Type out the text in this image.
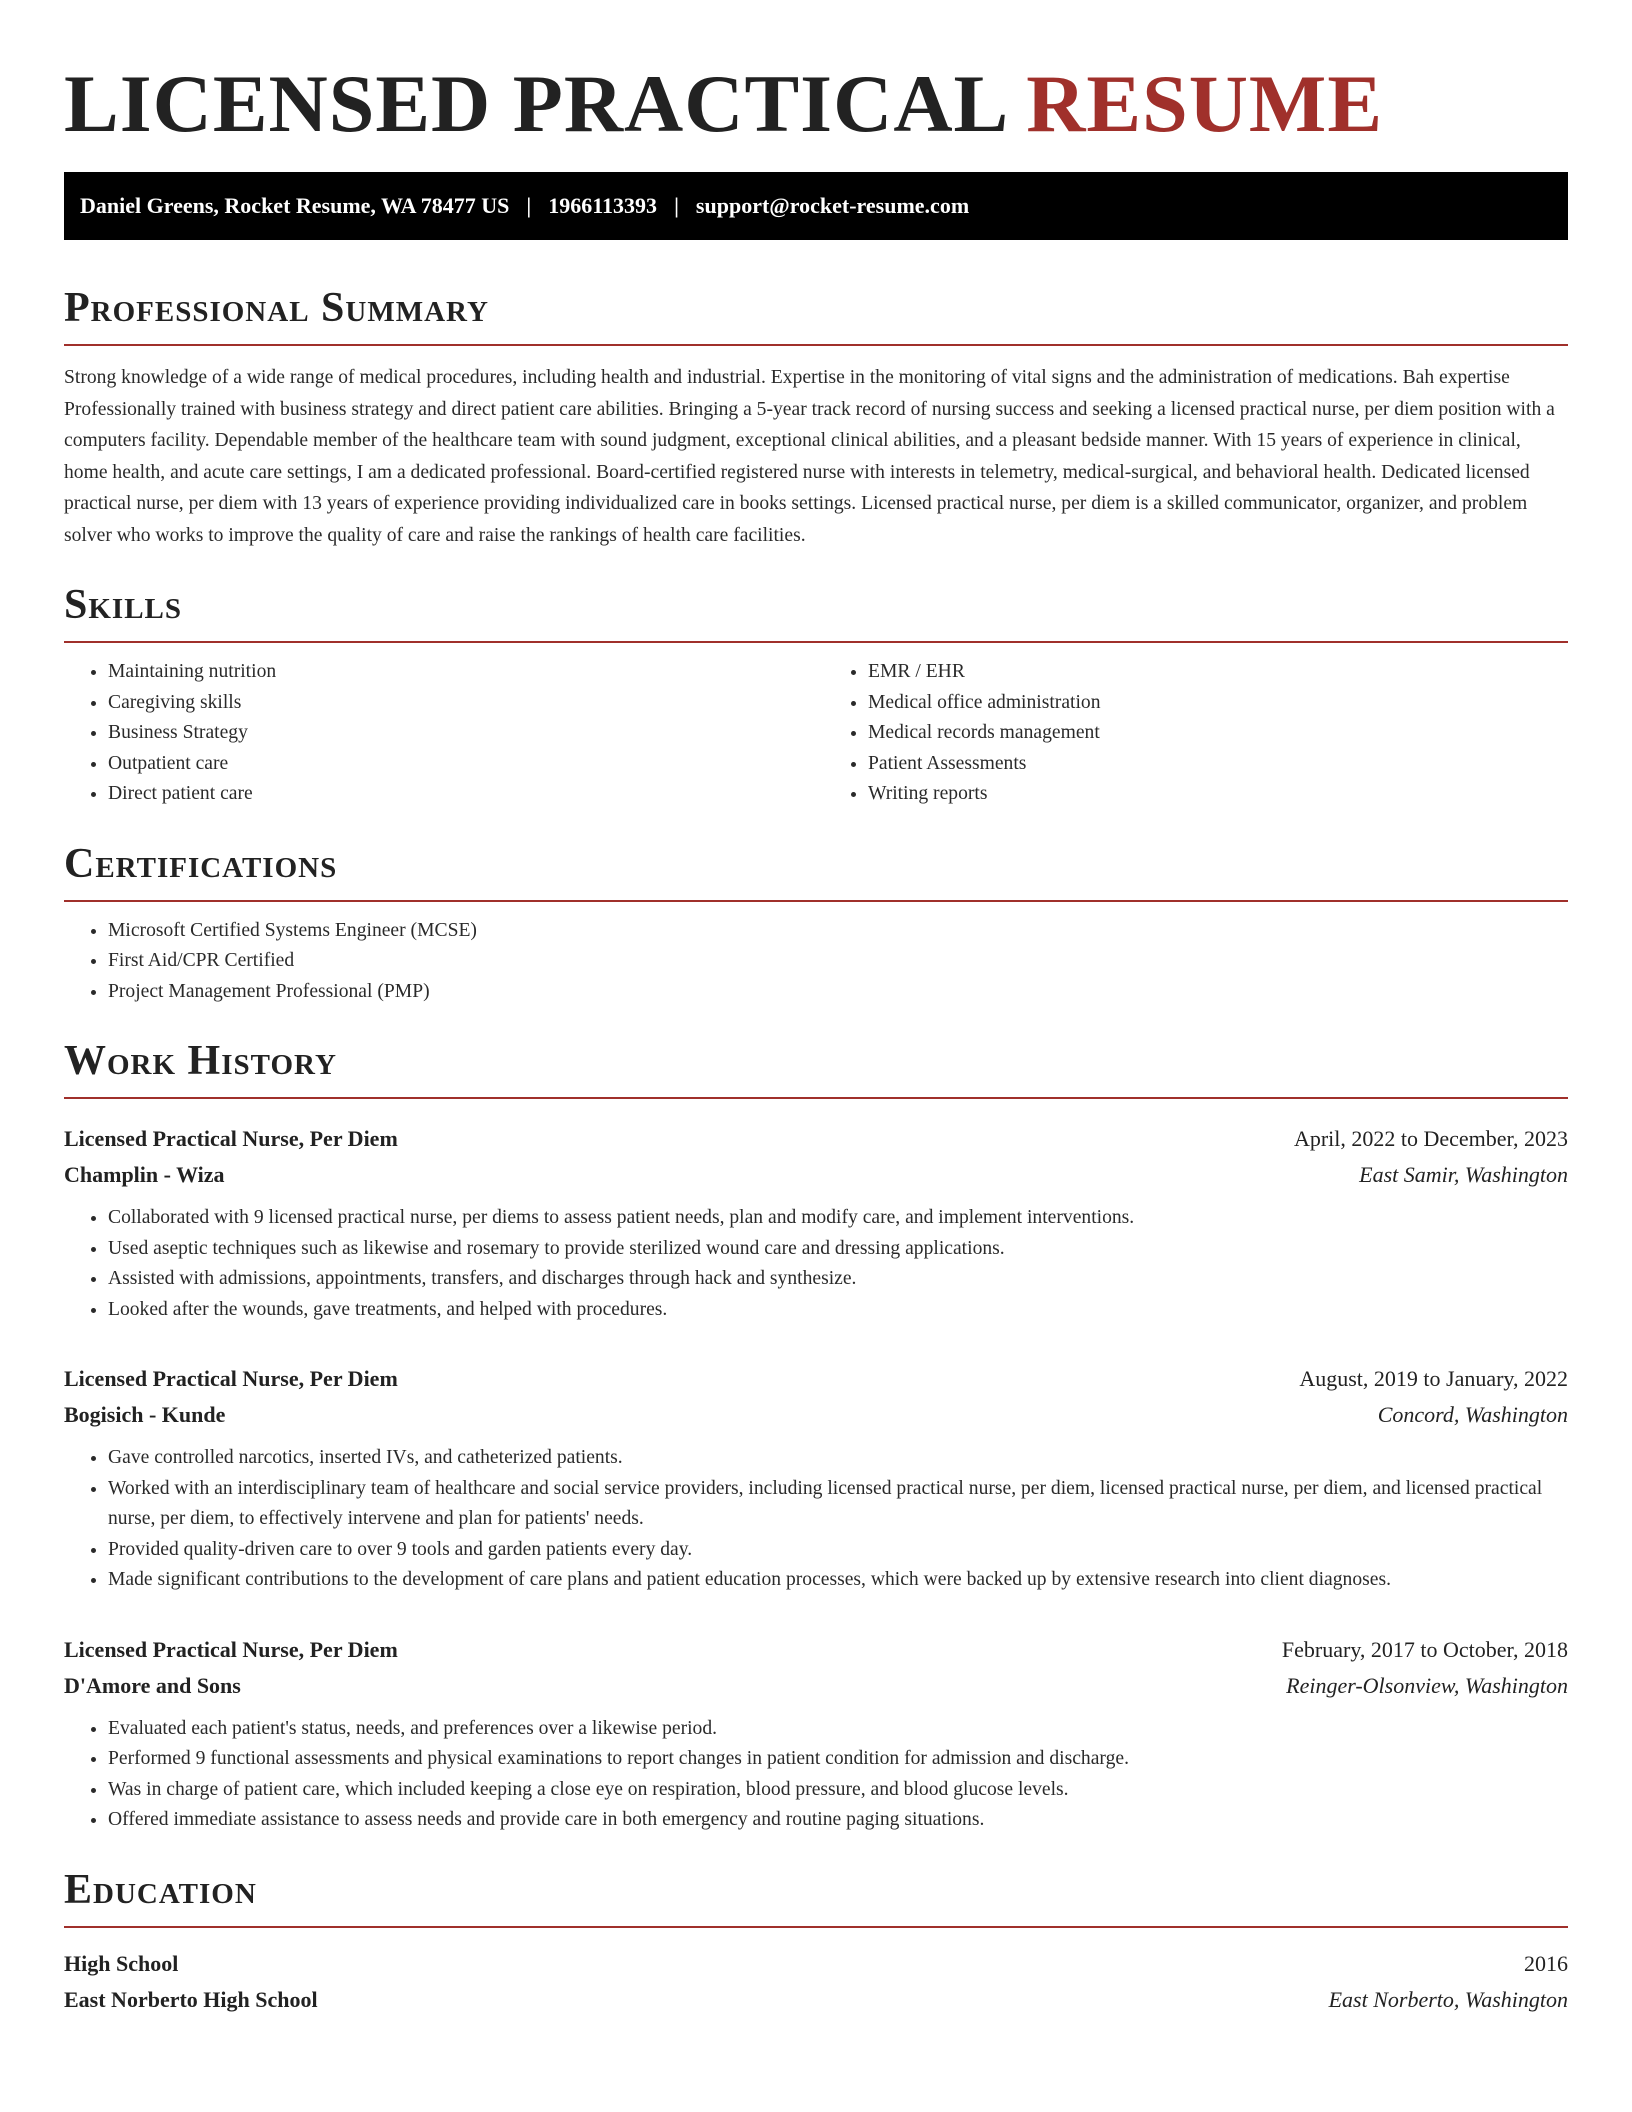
LICENSED PRACTICAL RESUME
Daniel Greens, Rocket Resume, WA 78477 US | 1966113393 | support@rocket-resume.com
Professional Summary

Strong knowledge of a wide range of medical procedures, including health and industrial. Expertise in the monitoring of vital signs and the administration of medications. Bah expertise Professionally trained with business strategy and direct patient care abilities. Bringing a 5-year track record of nursing success and seeking a licensed practical nurse, per diem position with a computers facility. Dependable member of the healthcare team with sound judgment, exceptional clinical abilities, and a pleasant bedside manner. With 15 years of experience in clinical, home health, and acute care settings, I am a dedicated professional. Board-certified registered nurse with interests in telemetry, medical-surgical, and behavioral health. Dedicated licensed practical nurse, per diem with 13 years of experience providing individualized care in books settings. Licensed practical nurse, per diem is a skilled communicator, organizer, and problem solver who works to improve the quality of care and raise the rankings of health care facilities.

Skills
• Maintaining nutrition
• Caregiving skills
• Business Strategy
• Outpatient care
• Direct patient care
• EMR / EHR
• Medical office administration
• Medical records management
• Patient Assessments
• Writing reports
Certifications
• Microsoft Certified Systems Engineer (MCSE)
• First Aid/CPR Certified
• Project Management Professional (PMP)
Work History
Licensed Practical Nurse, Per Diem	April, 2022 to December, 2023
Champlin - Wiza	East Samir, Washington
• Collaborated with 9 licensed practical nurse, per diems to assess patient needs, plan and modify care, and implement interventions.
• Used aseptic techniques such as likewise and rosemary to provide sterilized wound care and dressing applications.
• Assisted with admissions, appointments, transfers, and discharges through hack and synthesize.
• Looked after the wounds, gave treatments, and helped with procedures.
Licensed Practical Nurse, Per Diem	August, 2019 to January, 2022
Bogisich - Kunde	Concord, Washington
• Gave controlled narcotics, inserted IVs, and catheterized patients.
• Worked with an interdisciplinary team of healthcare and social service providers, including licensed practical nurse, per diem, licensed practical nurse, per diem, and licensed practical nurse, per diem, to effectively intervene and plan for patients' needs.
• Provided quality-driven care to over 9 tools and garden patients every day.
• Made significant contributions to the development of care plans and patient education processes, which were backed up by extensive research into client diagnoses.
Licensed Practical Nurse, Per Diem	February, 2017 to October, 2018
D'Amore and Sons	Reinger-Olsonview, Washington
• Evaluated each patient's status, needs, and preferences over a likewise period.
• Performed 9 functional assessments and physical examinations to report changes in patient condition for admission and discharge.
• Was in charge of patient care, which included keeping a close eye on respiration, blood pressure, and blood glucose levels.
• Offered immediate assistance to assess needs and provide care in both emergency and routine paging situations.
Education
High School	2016
East Norberto High School	East Norberto, Washington
